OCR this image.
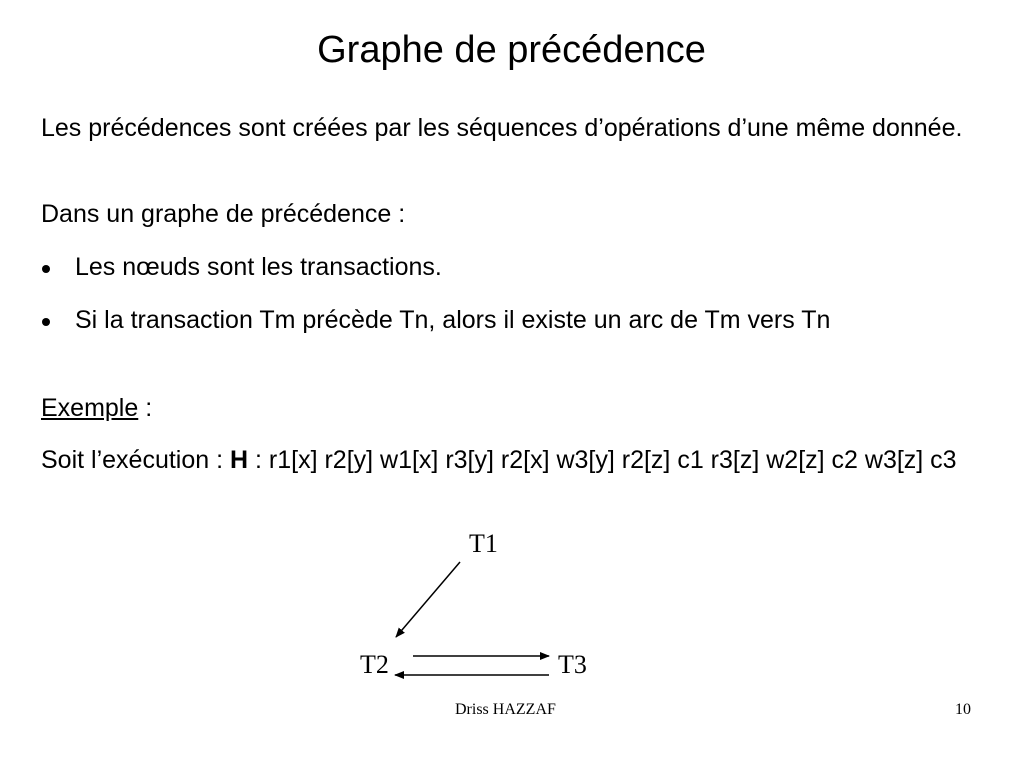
Graphe de précédence
Les précédences sont créées par les séquences d’opérations d’une même donnée.
Dans un graphe de précédence :
Les nœuds sont les transactions.
Si la transaction Tm précède Tn, alors il existe un arc de Tm vers Tn
Exemple :
Soit l’exécution : H : r1[x] r2[y] w1[x] r3[y] r2[x] w3[y] r2[z] c1 r3[z] w2[z] c2 w3[z] c3
T1
T2	T3
Driss HAZZAF	10
